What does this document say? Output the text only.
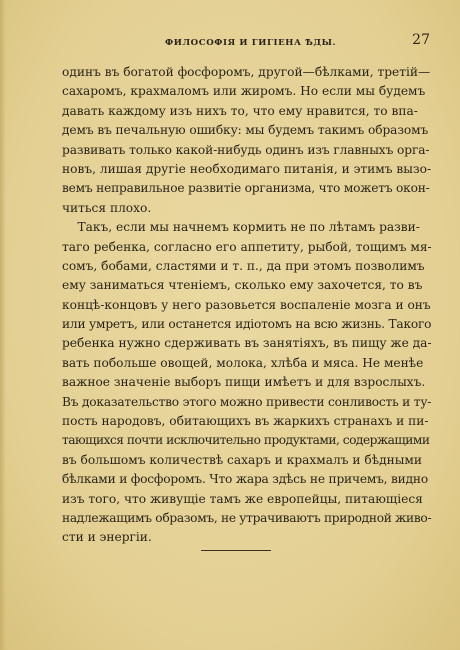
ФИЛОСОФІЯ И ГИГІЕНА ѢДЫ.	27
одинъ въ богатой фосфоромъ, другой—бѣлками, третій—
сахаромъ, крахмаломъ или жиромъ. Но если мы будемъ
давать каждому изъ нихъ то, что ему нравится, то впа-
демъ въ печальную ошибку: мы будемъ такимъ образомъ
развивать только какой-нибудь одинъ изъ главныхъ орга-
новъ, лишая другіе необходимаго питанія, и этимъ вызо-
вемъ неправильное развитіе организма, что можетъ окон-
читься плохо.
Такъ, если мы начнемъ кормить не по лѣтамъ разви-
таго ребенка, согласно его аппетиту, рыбой, тощимъ мя-
сомъ, бобами, сластями и т. п., да при этомъ позволимъ
ему заниматься чтеніемъ, сколько ему захочется, то въ
концѣ-концовъ у него разовьется воспаленіе мозга и онъ
или умретъ, или останется идіотомъ на всю жизнь. Такого
ребенка нужно сдерживать въ занятіяхъ, въ пищу же да-
вать побольше овощей, молока, хлѣба и мяса. Не менѣе
важное значеніе выборъ пищи имѣетъ и для взрослыхъ.
Въ доказательство этого можно привести сонливость и ту-
пость народовъ, обитающихъ въ жаркихъ странахъ и пи-
тающихся почти исключительно продуктами, содержащими
въ большомъ количествѣ сахаръ и крахмалъ и бѣдными
бѣлками и фосфоромъ. Что жара здѣсь не причемъ, видно
изъ того, что живущіе тамъ же европейцы, питающіеся
надлежащимъ образомъ, не утрачиваютъ природной живо-
сти и энергіи.
